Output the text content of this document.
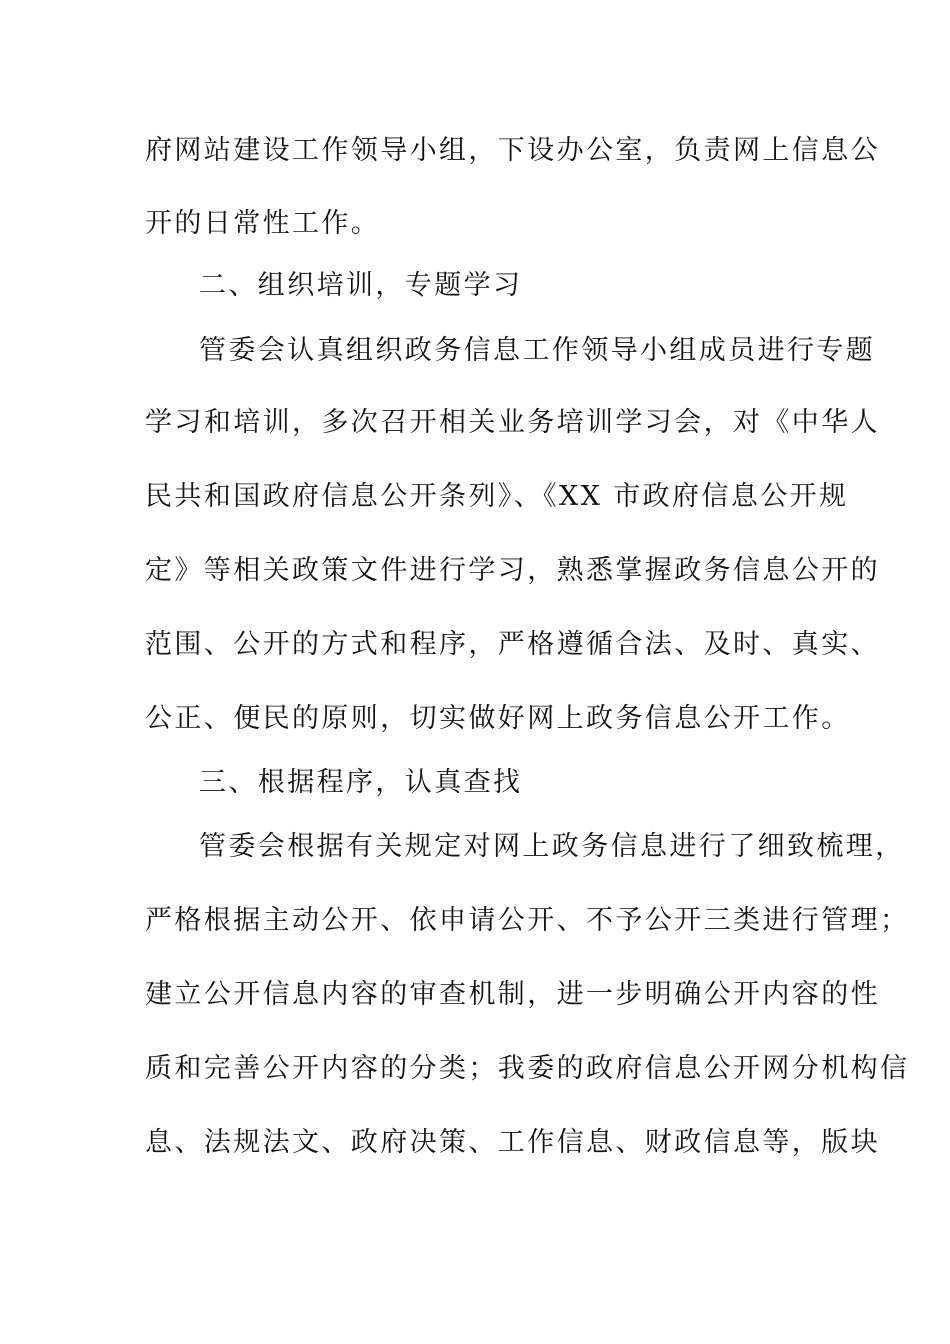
府网站建设工作领导小组，下设办公室，负责网上信息公
开的日常性工作。
二、组织培训，专题学习
管委会认真组织政务信息工作领导小组成员进行专题
学习和培训，多次召开相关业务培训学习会，对《中华人
民共和国政府信息公开条列》、《XX 市政府信息公开规
定》等相关政策文件进行学习，熟悉掌握政务信息公开的
范围、公开的方式和程序，严格遵循合法、及时、真实、
公正、便民的原则，切实做好网上政务信息公开工作。
三、根据程序，认真查找
管委会根据有关规定对网上政务信息进行了细致梳理，
严格根据主动公开、依申请公开、不予公开三类进行管理；
建立公开信息内容的审查机制，进一步明确公开内容的性
质和完善公开内容的分类；我委的政府信息公开网分机构信
息、法规法文、政府决策、工作信息、财政信息等，版块
